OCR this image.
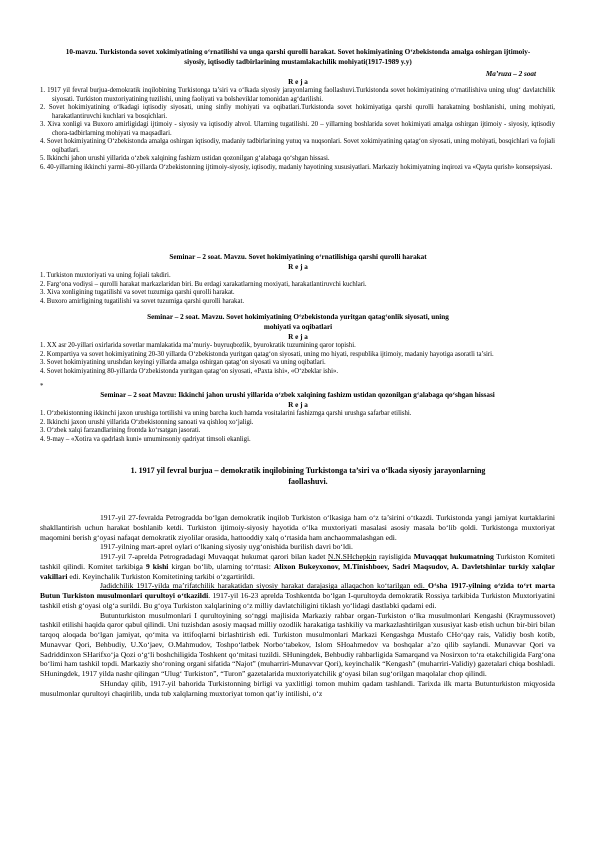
10-mavzu. Turkistonda sovet xokimiyatining o‘rnatilishi va unga qarshi qurolli harakat. Sovet hokimiyatining O‘zbekistonda amalga oshirgan ijtimoiy-siyosiy, iqtisodiy tadbirlarining mustamlakachilik mohiyati(1917-1989 y.y)
Ma’ruza – 2 soat
R e j a
1. 1917 yil fevral burjua-demokratik inqilobining Turkistonga ta’siri va o‘lkada siyosiy jarayonlarning faollashuvi.Turkistonda sovet hokimiyatining o‘rnatilishiva uning ulug‘ davlatchilik siyosati. Turkiston muxtoriyatining tuzilishi, uning faoliyati va bolsheviklar tomonidan ag‘darilishi.
2. Sovet hokimiyatining o‘lkadagi iqtisodiy siyosati, uning sinfiy mohiyati va oqibatlari.Turkistonda sovet hokimiyatiga qarshi qurolli harakatning boshlanishi, uning mohiyati, harakatlantiruvchi kuchlari va bosqichlari.
3. Xiva xonligi va Buxoro amirligidagi ijtimoiy - siyosiy va iqtisodiy ahvol. Ularning tugatilishi. 20 – yillarning boshlarida sovet hokimiyati amalga oshirgan ijtimoiy - siyosiy, iqtisodiy chora-tadbirlarning mohiyati va maqsadlari.
4. Sovet hokimiyatining O‘zbekistonda amalga oshirgan iqtisodiy, madaniy tadbirlarining yutuq va nuqsonlari. Sovet xokimiyatining qatag‘on siyosati, uning mohiyati, bosqichlari va fojiali oqibatlari.
5. Ikkinchi jahon urushi yillarida o‘zbek xalqining fashizm ustidan qozonilgan g‘alabaga qo‘shgan hissasi.
6. 40-yillarning ikkinchi yarmi–80-yillarda O‘zbekistonning ijtimoiy-siyosiy, iqtisodiy, madaniy hayotining xususiyatlari. Markaziy hokimiyatning inqirozi va «Qayta qurish» konsepsiyasi.
Seminar – 2 soat. Mavzu. Sovet hokimiyatining o‘rnatilishiga qarshi qurolli harakat
R e j a
1. Turkiston muxtoriyati va uning fojiali takdiri.
2. Farg‘ona vodiysi – qurolli harakat markazlaridan biri. Bu erdagi xarakatlarning moxiyati, harakatlantiruvchi kuchlari.
3. Xiva xonligining tugatilishi va sovet tuzumiga qarshi qurolli harakat.
4. Buxoro amirligining tugatilishi va sovet tuzumiga qarshi qurolli harakat.
Seminar – 2 soat. Mavzu. Sovet hokimiyatining O‘zbekistonda yuritgan qatag‘onlik siyosati, uning
mohiyati va oqibatlari
R e j a
1. XX asr 20-yillari oxirlarida sovetlar mamlakatida ma’muriy- buyruqbozlik, byurokratik tuzumining qaror topishi.
2. Kompartiya va sovet hokimiyatining 20-30 yillarda O‘zbekistonda yuritgan qatag‘on siyosati, uning mo hiyati, respublika ijtimoiy, madaniy hayotiga asoratli ta’siri.
3. Sovet hokimiyatining urushdan keyingi yillarda amalga oshirgan qatag‘on siyosati va uning oqibatlari.
4. Sovet hokimiyatining 80-yillarda O‘zbekistonda yuritgan qatag‘on siyosati, «Paxta ishi», «O‘zbeklar ishi».
*
Seminar – 2 soat Mavzu: Ikkinchi jahon urushi yillarida o‘zbek xalqining fashizm ustidan qozonilgan g‘alabaga qo‘shgan hissasi
R e j a
1. O‘zbekistonning ikkinchi jaxon urushiga tortilishi va uning barcha kuch hamda vositalarini fashizmga qarshi urushga safarbar etilishi.
2. Ikkinchi jaxon urushi yillarida O‘zbekistonning sanoati va qishloq xo‘jaligi.
3. O‘zbek xalqi farzandlarining frontda ko‘rsatgan jasorati.
4. 9-may – «Xotira va qadrlash kuni» umuminsoniy qadriyat timsoli ekanligi.
1. 1917 yil fevral burjua – demokratik inqilobining Turkistonga ta’siri va o‘lkada siyosiy jarayonlarning
faollashuvi.

1917-yil 27-fevralda Petrogradda bo‘lgan demokratik inqilob Turkiston o‘lkasiga ham o‘z ta’sirini o‘tkazdi. Turkistonda yangi jamiyat kurtaklarini shakllantirish uchun harakat boshlanib ketdi. Turkiston ijtimoiy-siyosiy hayotida o‘lka muxtoriyati masalasi asosiy masala bo‘lib qoldi. Turkistonga muxtoriyat maqomini berish g‘oyasi nafaqat demokratik ziyolilar orasida, hattooddiy xalq o‘rtasida ham anchaommalashgan edi.

1917-yilning mart-aprel oylari o‘lkaning siyosiy uyg‘onishida burilish davri bo‘ldi.

1917-yil 7-aprelda Petrogradadagi Muvaqqat hukumat qarori bilan kadet N.N.SHchepkin rayisligida Muvaqqat hukumatning Turkiston Komiteti tashkil qilindi. Komitet tarkibiga 9 kishi kirgan bo‘lib, ularning to‘rttasi: Alixon Bukeyxonov, M.Tinishboev, Sadri Maqsudov, A. Davletshinlar turkiy xalqlar vakillari edi. Keyinchalik Turkiston Komitetining tarkibi o‘zgartirildi.

Jadidchilik 1917-yilda ma’rifatchilik harakatidan siyosiy harakat darajasiga allaqachon ko‘tarilgan edi. O‘sha 1917-yilning o‘zida to‘rt marta Butun Turkiston musulmonlari qurultoyi o‘tkazildi. 1917-yil 16-23 aprelda Toshkentda bo‘lgan I-qurultoyda demokratik Rossiya tarkibida Turkiston Muxtoriyatini tashkil etish g‘oyasi olg‘a surildi. Bu g‘oya Turkiston xalqlarining o‘z milliy davlatchiligini tiklash yo‘lidagi dastlabki qadami edi.

Butunturkiston musulmonlari I qurultoyining so‘nggi majlisida Markaziy rahbar organ-Turkiston o‘lka musulmonlari Kengashi (Kraymussovet) tashkil etilishi haqida qaror qabul qilindi. Uni tuzishdan asosiy maqsad milliy ozodlik harakatiga tashkiliy va markazlashtirilgan xususiyat kasb etish uchun bir-biri bilan tarqoq aloqada bo‘lgan jamiyat, qo‘mita va ittifoqlarni birlashtirish edi. Turkiston musulmonlari Markazi Kengashga Mustafo CHo‘qay rais, Validiy bosh kotib, Munavvar Qori, Behbudiy, U.Xo‘jaev, O.Mahmudov, Toshpo‘latbek Norbo‘tabekov, Islom SHoahmedov va boshqalar a’zo qilib saylandi. Munavvar Qori va Sadriddinxon SHarifxo‘ja Qozi o‘g‘li boshchiligida Toshkent qo‘mitasi tuzildi. SHuningdek, Behbudiy rahbarligida Samarqand va Nosirxon to‘ra etakchiligida Farg‘ona bo‘limi ham tashkil topdi. Markaziy sho‘roning organi sifatida “Najot” (muharriri-Munavvar Qori), keyinchalik “Kengash” (muharriri-Validiy) gazetalari chiqa boshladi. SHuningdek, 1917 yilda nashr qilingan “Ulug‘ Turkiston”, “Turon” gazetalarida muxtoriyatchilik g‘oyasi bilan sug‘orilgan maqolalar chop qilindi.

SHunday qilib, 1917-yil bahorida Turkistonning birligi va yaxlitligi tomon muhim qadam tashlandi. Tarixda ilk marta Butunturkiston miqyosida musulmonlar qurultoyi chaqirilib, unda tub xalqlarning muxtoriyat tomon qat’iy intilishi, o‘z
